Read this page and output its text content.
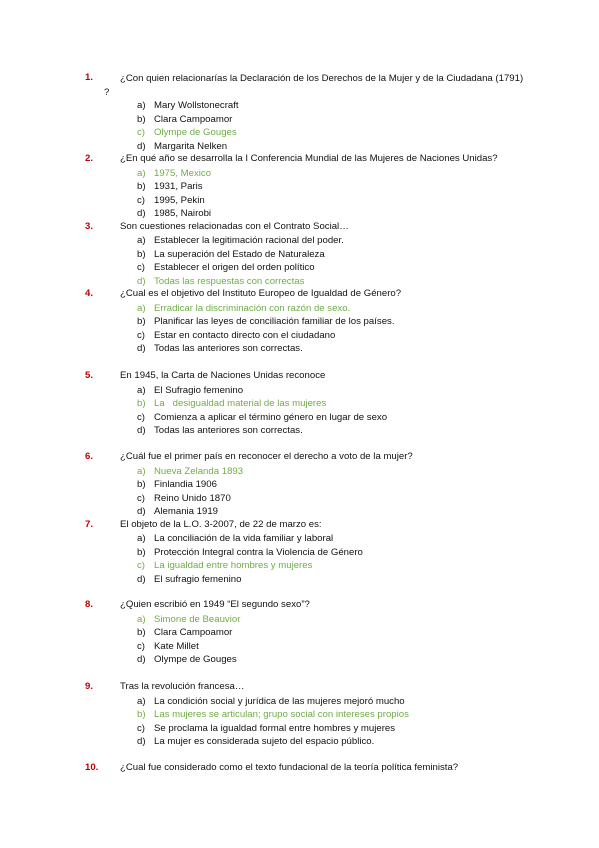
1.	¿Con quien relacionarías la Declaración de los Derechos de la Mujer y de la Ciudadana (1791) ?
a) Mary Wollstonecraft
b) Clara Campoamor
c) Olympe de Gouges
d) Margarita Nelken
2.	¿En qué año se desarrolla la I Conferencia Mundial de las Mujeres de Naciones Unidas?
a) 1975, Mexico
b) 1931, Paris
c) 1995, Pekin
d) 1985, Nairobi
3.	Son cuestiones relacionadas con el Contrato Social…
a) Establecer la legitimación racional del poder.
b) La superación del Estado de Naturaleza
c) Establecer el origen del orden político
d) Todas las respuestas con correctas
4.	¿Cual es el objetivo del Instituto Europeo de Igualdad de Género?
a) Erradicar la discriminación con razón de sexo.
b) Planificar las leyes de conciliación familiar de los países.
c) Estar en contacto directo con el ciudadano
d) Todas las anteriores son correctas.
5.	En 1945, la Carta de Naciones Unidas reconoce
a) El Sufragio femenino
b) La   desigualdad material de las mujeres
c) Comienza a aplicar el término género en lugar de sexo
d) Todas las anteriores son correctas.
6.	¿Cuál fue el primer país en reconocer el derecho a voto de la mujer?
a) Nueva Zelanda 1893
b) Finlandia 1906
c) Reino Unido 1870
d) Alemania 1919
7.	El objeto de la L.O. 3-2007, de 22 de marzo es:
a) La conciliación de la vida familiar y laboral
b) Protección Integral contra la Violencia de Género
c) La igualdad entre hombres y mujeres
d) El sufragio femenino
8.	¿Quien escribió en 1949 “El segundo sexo”?
a) Simone de Beauvior
b) Clara Campoamor
c) Kate Millet
d) Olympe de Gouges
9.	Tras la revolución francesa…
a) La condición social y jurídica de las mujeres mejoró mucho
b) Las mujeres se articulan; grupo social con intereses propios
c) Se proclama la igualdad formal entre hombres y mujeres
d) La mujer es considerada sujeto del espacio público.
10.	¿Cual fue considerado como el texto fundacional de la teoría política feminista?
